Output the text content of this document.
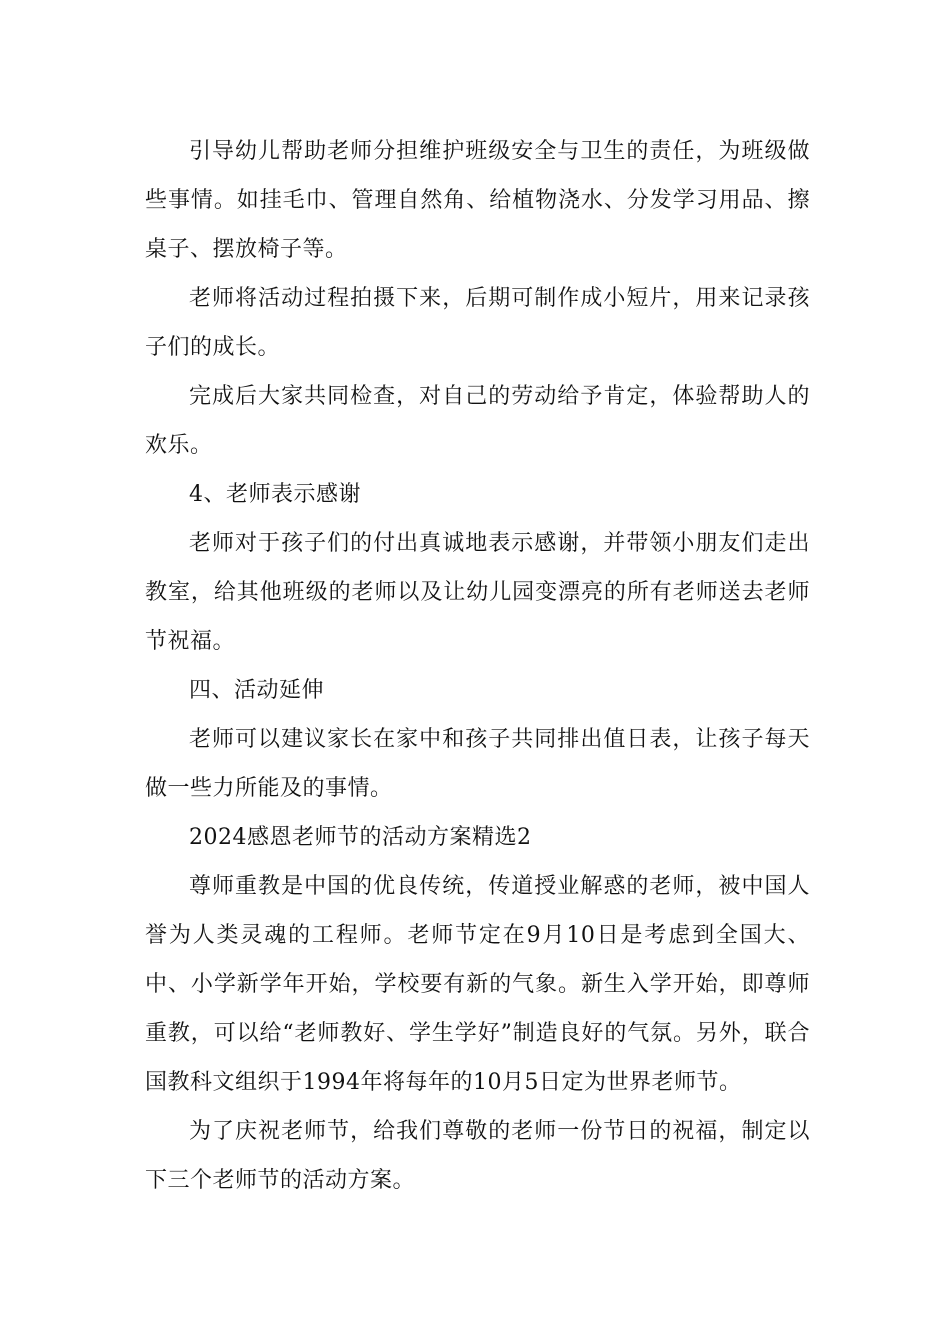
引导幼儿帮助老师分担维护班级安全与卫生的责任，为班级做些事情。如挂毛巾、管理自然角、给植物浇水、分发学习用品、擦桌子、摆放椅子等。

老师将活动过程拍摄下来，后期可制作成小短片，用来记录孩子们的成长。

完成后大家共同检查，对自己的劳动给予肯定，体验帮助人的欢乐。

4、老师表示感谢

老师对于孩子们的付出真诚地表示感谢，并带领小朋友们走出教室，给其他班级的老师以及让幼儿园变漂亮的所有老师送去老师节祝福。

四、活动延伸

老师可以建议家长在家中和孩子共同排出值日表，让孩子每天做一些力所能及的事情。

2024感恩老师节的活动方案精选2

尊师重教是中国的优良传统，传道授业解惑的老师，被中国人誉为人类灵魂的工程师。老师节定在9月10日是考虑到全国大、中、小学新学年开始，学校要有新的气象。新生入学开始，即尊师重教，可以给“老师教好、学生学好”制造良好的气氛。另外，联合国教科文组织于1994年将每年的10月5日定为世界老师节。

为了庆祝老师节，给我们尊敬的老师一份节日的祝福，制定以下三个老师节的活动方案。
